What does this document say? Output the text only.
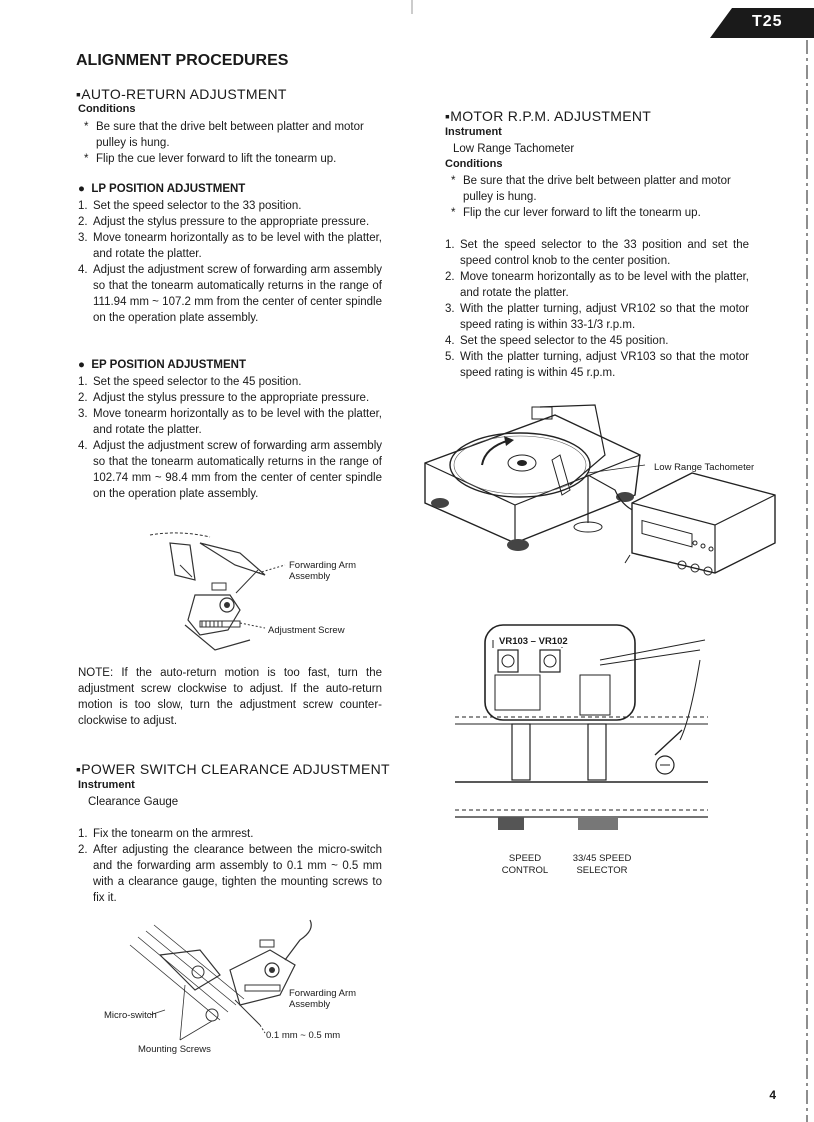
T25
ALIGNMENT PROCEDURES
▪AUTO-RETURN ADJUSTMENT
Conditions
* Be sure that the drive belt between platter and motor pulley is hung.
* Flip the cue lever forward to lift the tonearm up.
●  LP POSITION ADJUSTMENT
1. Set the speed selector to the 33 position.
2. Adjust the stylus pressure to the appropriate pressure.
3. Move tonearm horizontally as to be level with the platter, and rotate the platter.
4. Adjust the adjustment screw of forwarding arm assembly so that the tonearm automatically returns in the range of 111.94 mm ~ 107.2 mm from the center of center spindle on the operation plate assembly.
●  EP POSITION ADJUSTMENT
1. Set the speed selector to the 45 position.
2. Adjust the stylus pressure to the appropriate pressure.
3. Move tonearm horizontally as to be level with the platter, and rotate the platter.
4. Adjust the adjustment screw of forwarding arm assembly so that the tonearm automatically returns in the range of 102.74 mm ~ 98.4 mm from the center of center spindle on the operation plate assembly.
Forwarding Arm
Assembly
Adjustment Screw
NOTE: If the auto-return motion is too fast, turn the adjustment screw clockwise to adjust. If the auto-return motion is too slow, turn the adjustment screw counter-clockwise to adjust.
▪POWER SWITCH CLEARANCE ADJUSTMENT
Instrument
Clearance Gauge
1. Fix the tonearm on the armrest.
2. After adjusting the clearance between the micro-switch and the forwarding arm assembly to 0.1 mm ~ 0.5 mm with a clearance gauge, tighten the mounting screws to fix it.
Forwarding Arm
Assembly
Micro-switch
0.1 mm ~ 0.5 mm
Mounting Screws
▪MOTOR R.P.M. ADJUSTMENT
Instrument
Low Range Tachometer
Conditions
* Be sure that the drive belt between platter and motor pulley is hung.
* Flip the cur lever forward to lift the tonearm up.
1. Set the speed selector to the 33 position and set the speed control knob to the center position.
2. Move tonearm horizontally as to be level with the platter, and rotate the platter.
3. With the platter turning, adjust VR102 so that the motor speed rating is within 33-1/3 r.p.m.
4. Set the speed selector to the 45 position.
5. With the platter turning, adjust VR103 so that the motor speed rating is within 45 r.p.m.
Low Range Tachometer
VR103 – VR102
SPEED
CONTROL
33/45 SPEED
SELECTOR
4
